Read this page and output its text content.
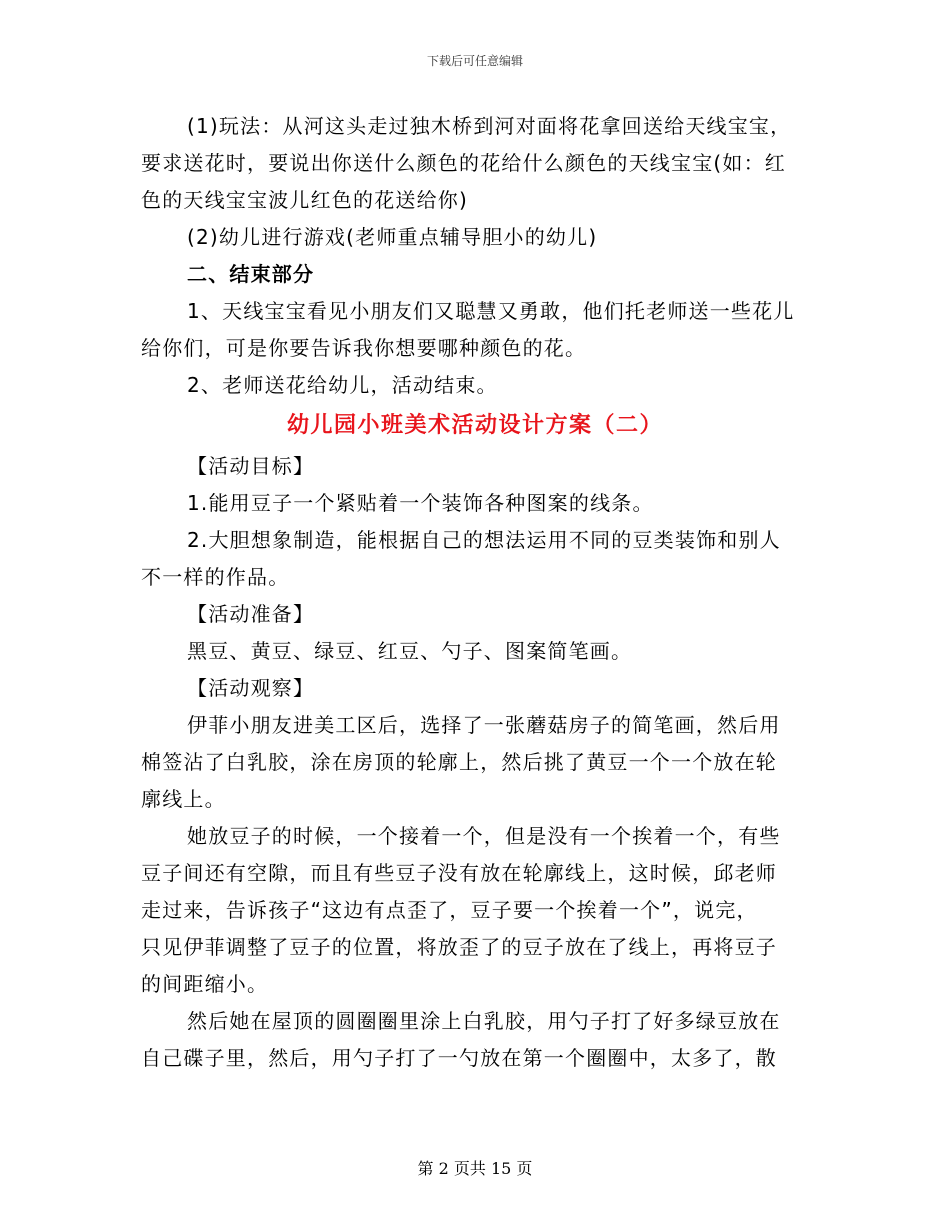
下载后可任意编辑

(1)玩法：从河这头走过独木桥到河对面将花拿回送给天线宝宝，

要求送花时，要说出你送什么颜色的花给什么颜色的天线宝宝(如：红

色的天线宝宝波儿红色的花送给你)

(2)幼儿进行游戏(老师重点辅导胆小的幼儿)

二、结束部分

1、天线宝宝看见小朋友们又聪慧又勇敢，他们托老师送一些花儿

给你们，可是你要告诉我你想要哪种颜色的花。

2、老师送花给幼儿，活动结束。

幼儿园小班美术活动设计方案（二）

【活动目标】

1.能用豆子一个紧贴着一个装饰各种图案的线条。

2.大胆想象制造，能根据自己的想法运用不同的豆类装饰和别人

不一样的作品。

【活动准备】

黑豆、黄豆、绿豆、红豆、勺子、图案简笔画。

【活动观察】

伊菲小朋友进美工区后，选择了一张蘑菇房子的简笔画，然后用

棉签沾了白乳胶，涂在房顶的轮廓上，然后挑了黄豆一个一个放在轮

廓线上。

她放豆子的时候，一个接着一个，但是没有一个挨着一个，有些

豆子间还有空隙，而且有些豆子没有放在轮廓线上，这时候，邱老师

走过来，告诉孩子“这边有点歪了，豆子要一个挨着一个”，说完，

只见伊菲调整了豆子的位置，将放歪了的豆子放在了线上，再将豆子

的间距缩小。

然后她在屋顶的圆圈圈里涂上白乳胶，用勺子打了好多绿豆放在

自己碟子里，然后，用勺子打了一勺放在第一个圈圈中，太多了，散

第 2 页共 15 页
